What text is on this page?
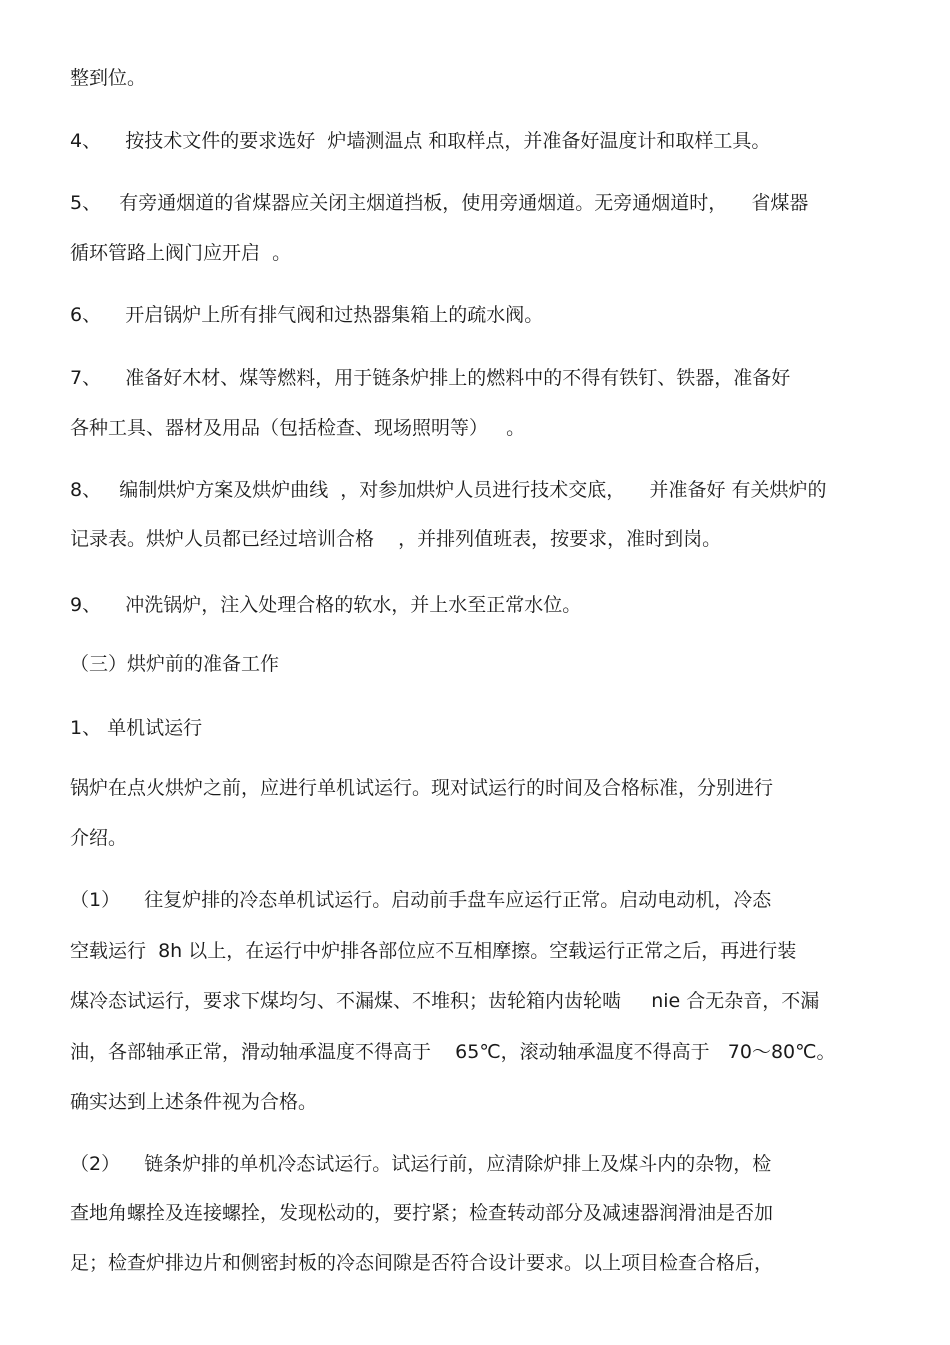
整到位。
4、    按技术文件的要求选好  炉墙测温点 和取样点，并准备好温度计和取样工具。
5、   有旁通烟道的省煤器应关闭主烟道挡板，使用旁通烟道。无旁通烟道时，    省煤器
循环管路上阀门应开启  。
6、    开启锅炉上所有排气阀和过热器集箱上的疏水阀。
7、    准备好木材、煤等燃料，用于链条炉排上的燃料中的不得有铁钉、铁器，准备好
各种工具、器材及用品（包括检查、现场照明等）   。
8、   编制烘炉方案及烘炉曲线  ，对参加烘炉人员进行技术交底，    并准备好 有关烘炉的
记录表。烘炉人员都已经过培训合格    ，并排列值班表，按要求，准时到岗。
9、    冲洗锅炉，注入处理合格的软水，并上水至正常水位。
（三）烘炉前的准备工作
1、 单机试运行
锅炉在点火烘炉之前，应进行单机试运行。现对试运行的时间及合格标准，分别进行
介绍。
（1）    往复炉排的冷态单机试运行。启动前手盘车应运行正常。启动电动机，冷态
空载运行  8h 以上，在运行中炉排各部位应不互相摩擦。空载运行正常之后，再进行装
煤冷态试运行，要求下煤均匀、不漏煤、不堆积；齿轮箱内齿轮啮     nie 合无杂音，不漏
油，各部轴承正常，滑动轴承温度不得高于    65℃，滚动轴承温度不得高于   70～80℃。
确实达到上述条件视为合格。
（2）    链条炉排的单机冷态试运行。试运行前，应清除炉排上及煤斗内的杂物，检
查地角螺拴及连接螺拴，发现松动的，要拧紧；检查转动部分及减速器润滑油是否加
足；检查炉排边片和侧密封板的冷态间隙是否符合设计要求。以上项目检查合格后，
